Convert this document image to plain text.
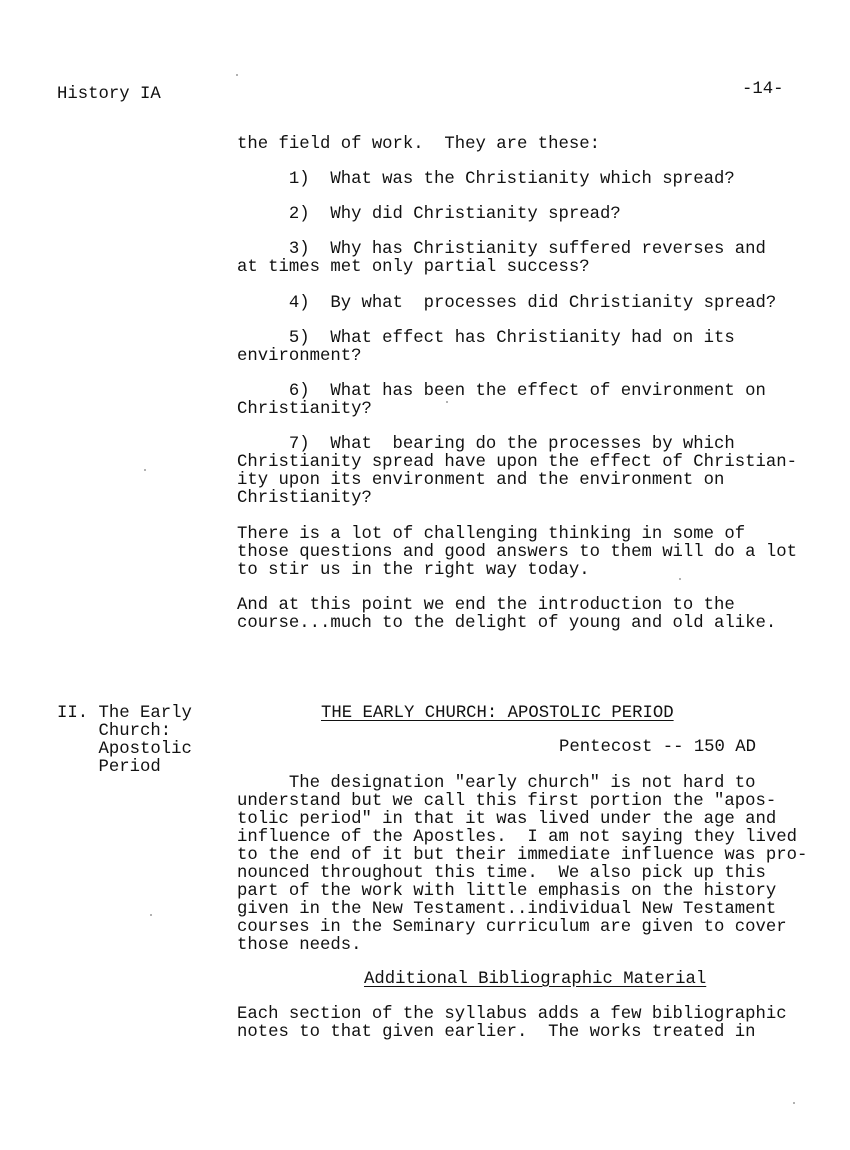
History IA	-14-
the field of work.  They are these:
1)  What was the Christianity which spread?
2)  Why did Christianity spread?
3)  Why has Christianity suffered reverses and
at times met only partial success?
4)  By what  processes did Christianity spread?
5)  What effect has Christianity had on its
environment?
6)  What has been the effect of environment on
Christianity?
7)  What  bearing do the processes by which
Christianity spread have upon the effect of Christian-
ity upon its environment and the environment on
Christianity?
There is a lot of challenging thinking in some of
those questions and good answers to them will do a lot
to stir us in the right way today.
And at this point we end the introduction to the
course...much to the delight of young and old alike.
II. The Early
Church:
Apostolic
Period
THE EARLY CHURCH: APOSTOLIC PERIOD
Pentecost -- 150 AD
The designation "early church" is not hard to
understand but we call this first portion the "apos-
tolic period" in that it was lived under the age and
influence of the Apostles.  I am not saying they lived
to the end of it but their immediate influence was pro-
nounced throughout this time.  We also pick up this
part of the work with little emphasis on the history
given in the New Testament..individual New Testament
courses in the Seminary curriculum are given to cover
those needs.
Additional Bibliographic Material
Each section of the syllabus adds a few bibliographic
notes to that given earlier.  The works treated in
